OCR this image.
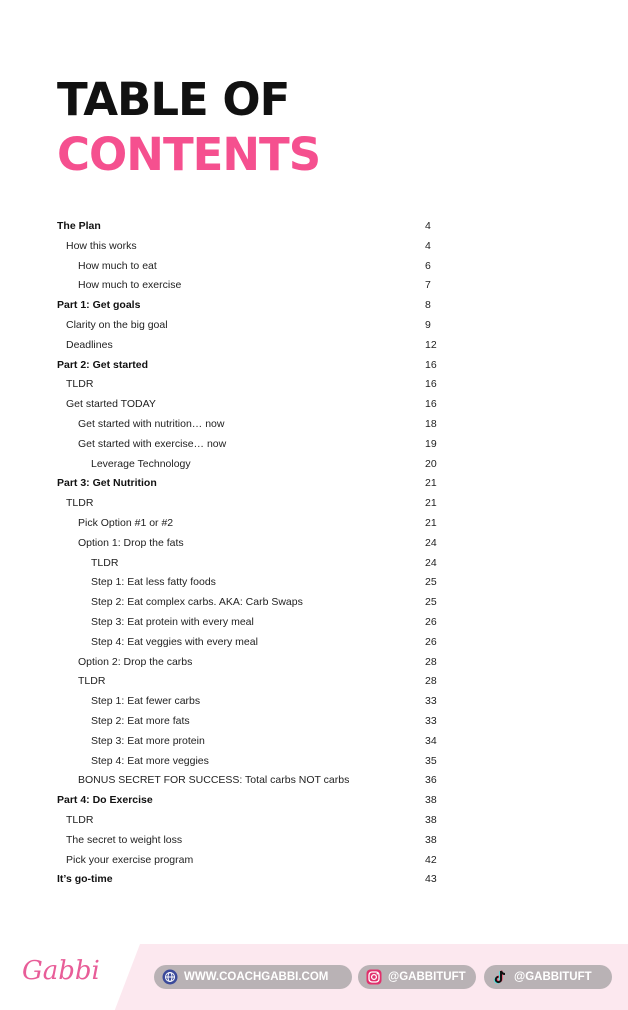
TABLE OF
CONTENTS
The Plan	4
How this works	4
How much to eat	6
How much to exercise	7
Part 1: Get goals	8
Clarity on the big goal	9
Deadlines	12
Part 2: Get started	16
TLDR	16
Get started TODAY	16
Get started with nutrition… now	18
Get started with exercise… now	19
Leverage Technology	20
Part 3: Get Nutrition	21
TLDR	21
Pick Option #1 or #2	21
Option 1: Drop the fats	24
TLDR	24
Step 1: Eat less fatty foods	25
Step 2: Eat complex carbs. AKA: Carb Swaps	25
Step 3: Eat protein with every meal	26
Step 4: Eat veggies with every meal	26
Option 2: Drop the carbs	28
TLDR	28
Step 1: Eat fewer carbs	33
Step 2: Eat more fats	33
Step 3: Eat more protein	34
Step 4: Eat more veggies	35
BONUS SECRET FOR SUCCESS: Total carbs NOT carbs	36
Part 4: Do Exercise	38
TLDR	38
The secret to weight loss	38
Pick your exercise program	42
It’s go-time	43
Gabbi	WWW.COACHGABBI.COM	@GABBITUFT	@GABBITUFT
